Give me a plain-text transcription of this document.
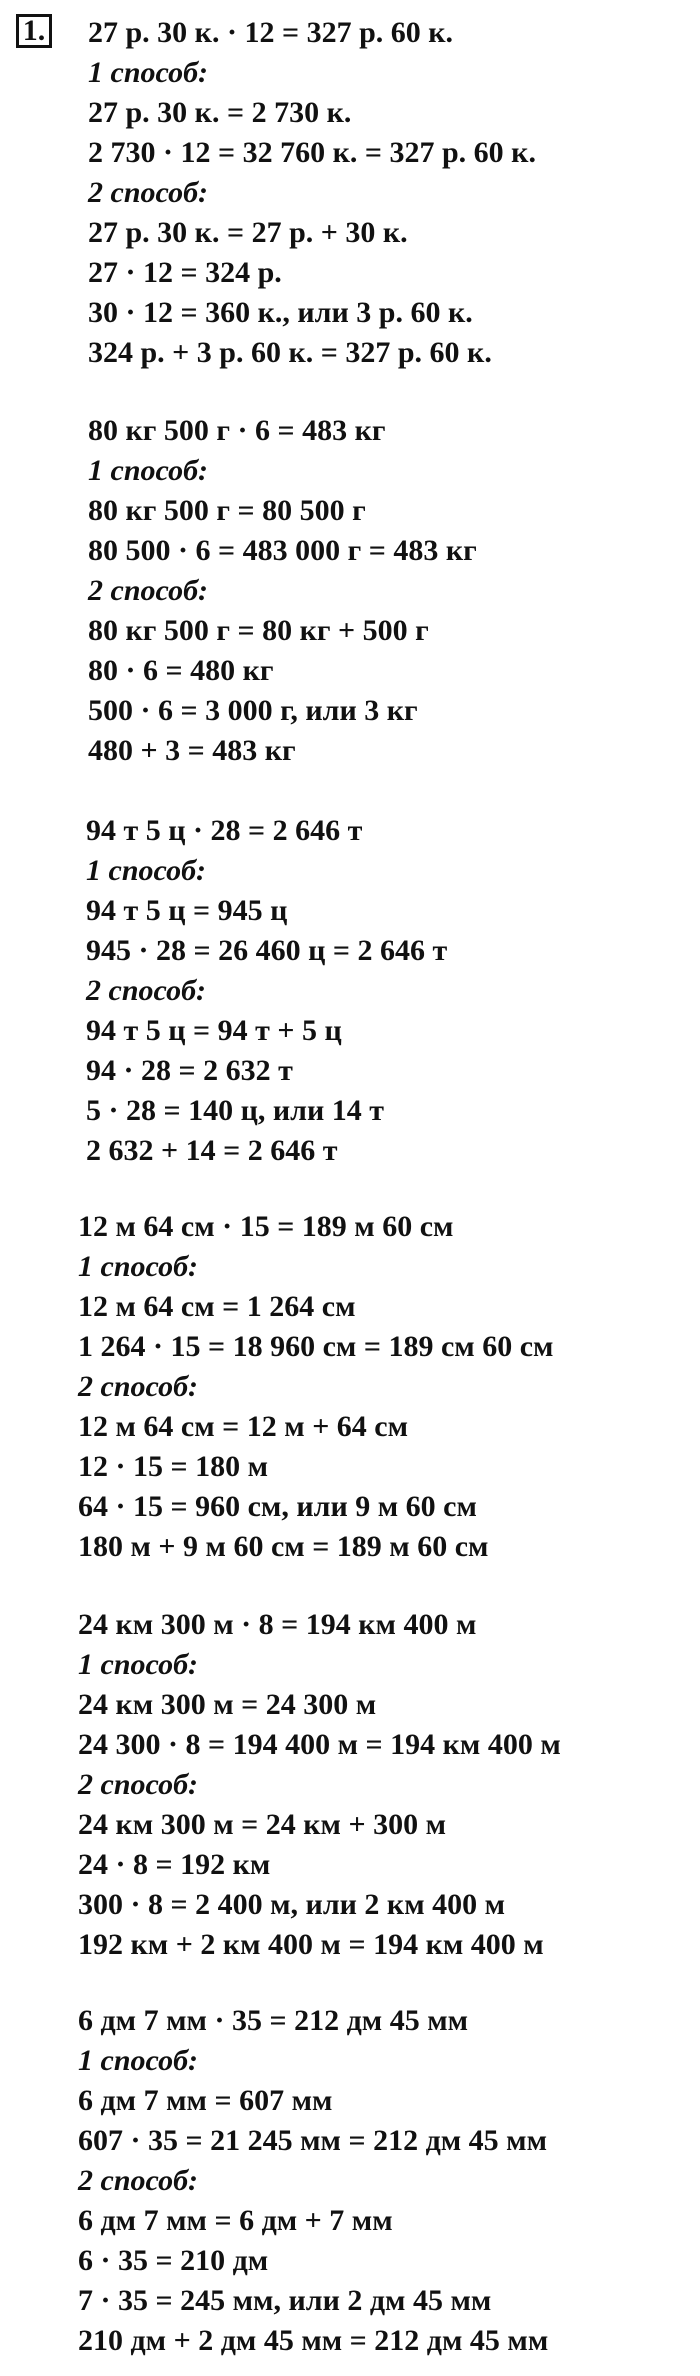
1. 27 р. 30 к. · 12 = 327 р. 60 к.
1 способ:
27 р. 30 к. = 2 730 к.
2 730 · 12 = 32 760 к. = 327 р. 60 к.
2 способ:
27 р. 30 к. = 27 р. + 30 к.
27 · 12 = 324 р.
30 · 12 = 360 к., или 3 р. 60 к.
324 р. + 3 р. 60 к. = 327 р. 60 к.
80 кг 500 г · 6 = 483 кг
1 способ:
80 кг 500 г = 80 500 г
80 500 · 6 = 483 000 г = 483 кг
2 способ:
80 кг 500 г = 80 кг + 500 г
80 · 6 = 480 кг
500 · 6 = 3 000 г, или 3 кг
480 + 3 = 483 кг
94 т 5 ц · 28 = 2 646 т
1 способ:
94 т 5 ц = 945 ц
945 · 28 = 26 460 ц = 2 646 т
2 способ:
94 т 5 ц = 94 т + 5 ц
94 · 28 = 2 632 т
5 · 28 = 140 ц, или 14 т
2 632 + 14 = 2 646 т
12 м 64 см · 15 = 189 м 60 см
1 способ:
12 м 64 см = 1 264 см
1 264 · 15 = 18 960 см = 189 см 60 см
2 способ:
12 м 64 см = 12 м + 64 см
12 · 15 = 180 м
64 · 15 = 960 см, или 9 м 60 см
180 м + 9 м 60 см = 189 м 60 см
24 км 300 м · 8 = 194 км 400 м
1 способ:
24 км 300 м = 24 300 м
24 300 · 8 = 194 400 м = 194 км 400 м
2 способ:
24 км 300 м = 24 км + 300 м
24 · 8 = 192 км
300 · 8 = 2 400 м, или 2 км 400 м
192 км + 2 км 400 м = 194 км 400 м
6 дм 7 мм · 35 = 212 дм 45 мм
1 способ:
6 дм 7 мм = 607 мм
607 · 35 = 21 245 мм = 212 дм 45 мм
2 способ:
6 дм 7 мм = 6 дм + 7 мм
6 · 35 = 210 дм
7 · 35 = 245 мм, или 2 дм 45 мм
210 дм + 2 дм 45 мм = 212 дм 45 мм
